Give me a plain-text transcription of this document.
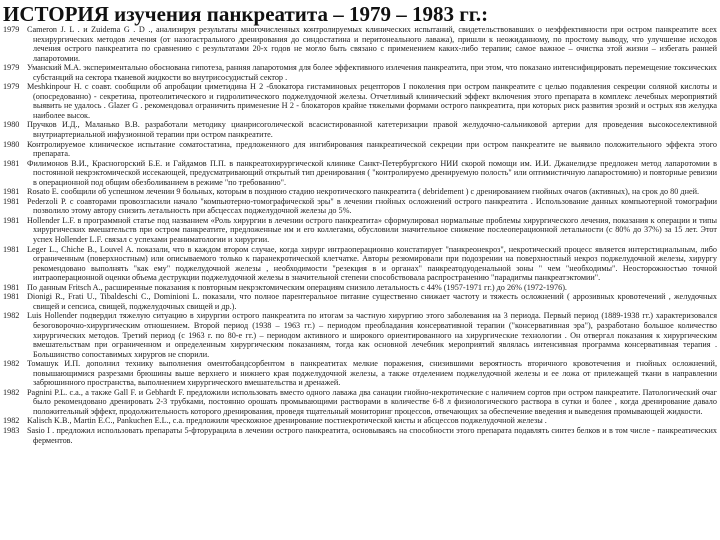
ИСТОРИЯ изучения панкреатита – 1979 – 1983 гг.:

1979 Cameron J. L . и Zuidema G . D ., анализируя результаты многочисленных контролируемых клинических испытаний, свидетельствовавших о неэффективности при остром панкреатите всех нехирургических методов лечения (от назогастрального дренирования до синдостатина и перитонеального лаважа), пришли к неожиданному, по простому выводу, что улучшение исходов лечения острого панкреатита по сравнению с результатами 20-х годов не могло быть связано с применением каких-либо терапии; самое важное – очистка этой жизни – избегать ранней лапаротомии.

1979 Уманский М.А. экспериментально обоснована гипотеза, ранняя лапаротомия для более эффективного излечения панкреатита, при этом, что показано интенсифицировать перемещение токсических субстанций на сектора тканевой жидкости во внутрисосудистый сектор .

1979 Meshkinpour H. с соавт. сообщили об апробации циметидина Н 2 -блокатора гистаминовых рецепторов I поколения при остром панкреатите с целью подавления секреции соляной кислоты и (опосредованно) - секретина, протеолитического и гидролитического поджелудочной железы. Отчетливый клинический эффект включения этого препарата в комплекс лечебных мероприятий выявить не удалось . Glazer G . рекомендовал ограничить применение Н 2 - блокаторов крайне тяжелыми формами острого панкреатита, при которых риск развития эрозий и острых язв желудка наиболее высок.

1980 Пручков И.Д., Маланько В.В. разработали методику цианрисоголической всасистированной катетеризации правой желудочно-сальниковой артерии для проведения высокоселективной внутриартериальной инфузионной терапии при остром панкреатите.

1980 Контролируемое клиническое испытание соматостатина, предложенного для ингибирования панкреатической секреции при остром панкреатите не выявило положительного эффекта этого препарата.

1981 Филимонов В.И., Красногорский Б.Е. и Гайдамов П.П. в панкреатохирургической клинике Санкт-Петербургского НИИ скорой помощи им. И.И. Джанелидзе предложен метод лапаротомии в постоянной некрэктомической иссекающей, предусматривающий открытый тип дренирования ( "контролируемо дренируемую полость" или оптимистичную лапаростомию) и повторные ревизии в операционной под общим обезболиванием в режиме "по требованию".

1981 Rosato E. сообщили об успешном лечении 9 больных, которым в позднюю стадию некротического панкреатита ( debridement ) с дренированием гнойных очагов (активных), на срок до 80 дней.

1981 Pederzoli P. с соавторами провозгласили начало "компьютерно-томографической эры" в лечении гнойных осложнений острого панкреатита . Использование данных компьютерной томографии позволило этому автору снизить летальность при абсцессах поджелудочной железы до 5%.

1981 Hollender L.F. в программной статье под названием «Роль хирургии в лечении острого панкреатита» сформулировал нормальные проблемы хирургического лечения, показания к операции и типы хирургических вмешательств при остром панкреатите, предложенные им и его коллегами, обусловили значительное снижение послеоперационной летальности (с 80% до 37%) за 15 лет. Этот успех Hollender L.F. связал с успехами реаниматологии и хирургии.

1981 Leger L., Chiche B., Louvel A. показали, что в каждом втором случае, когда хирург интраоперационно констатирует "панкреонекроз", некротический процесс является интерстициальным, либо ограниченным (поверхностным) или описываемого только к паранекротической клетчатке. Авторы резюмировали при подозрении на поверхностный некроз поджелудочной железы, хирургу рекомендовано выполнять "как ему" поджелудочной железы , необходимости "резекция в и органах" панкреатодуоденальной зоны " чем "необходимы". Неосторожностью точной интраоперационной оценки объема деструкции поджелудочной железы в значительной степени способствовала распространению "парадигмы панкреатэктомии".

1981 По данным Fritsch A., расширенные показания к повторным некрэктомическим операциям снизило летальность с 44% (1957-1971 гг.) до 26% (1972-1976).

1981 Dionigi R., Frati U., Tibaldeschi C., Dominioni L. показали, что полное парентеральное питание существенно снижает частоту и тяжесть осложнений ( аррозивных кровотечений , желудочных свищей и сепсиса, свищей, поджелудочных свищей и др.).

1982 Luis Hollender подвердил тяжелую ситуацию в хирургии острого панкреатита по итогам за частную хирургию этого заболевания на 3 периода. Первый период (1889-1938 гг.) характеризовался безоговорочно-хирургическим отношением. Второй период (1938 – 1963 гг.) – периодом преобладания консервативной терапии ("консервативная эра"), разработано большое количество хирургических методов. Третий период (с 1963 г. по 80-е гг.) – периодом активного и широкого ориентированного на хирургические технологии . Он отвергал показания к хирургическим вмешательствам при ограниченном и определенным хирургическим показаниям, тогда как основной лечебник мероприятий являлась интенсивная программа консервативная терапия . Большинство сопоставимых хирургов не спорили.

1982 Томашук И.П. дополнил технику выполнения оментобандсорбентом в панкреатитах мелкие поражения, снизившими вероятность вторичного кровотечения и гнойных осложнений, повышающимися разрезами брюшины выше верхнего и нижнего края поджелудочной железы, а также отделением поджелудочной железы и ее ложа от прилежащей ткани в направлении забрюшинного пространства, выполнением хирургического вмешательства и дренажей.

1982 Pagnini P.L. с.а., а также Gall F. и Gebhardt F. предложили использовать вместо одного лаважа два санации гнойно-некротические с наличием сортов при остром панкреатите. Патологический очаг было рекомендовано дренировать 2-3 трубками, постоянно орошать промывающими растворами в количестве 6-8 л физиологического раствора в сутки и более , когда дренирование давало положительный эффект, продолжительность которого дренирования, проведя тщательный мониторинг процессов, отвечающих за обеспечение введения и выведения промывающей жидкости.

1982 Kalisch K.B., Martin E.C., Pankuchen E.L., с.а. предложили чрескожное дренирование постнекротической кисты и абсцессов поджелудочной железы .

1983 Sasio I . предложил использовать препараты 5-фторурацила в лечении острого панкреатита, основываясь на способности этого препарата подавлять синтез белков и в том числе - панкреатических ферментов.
